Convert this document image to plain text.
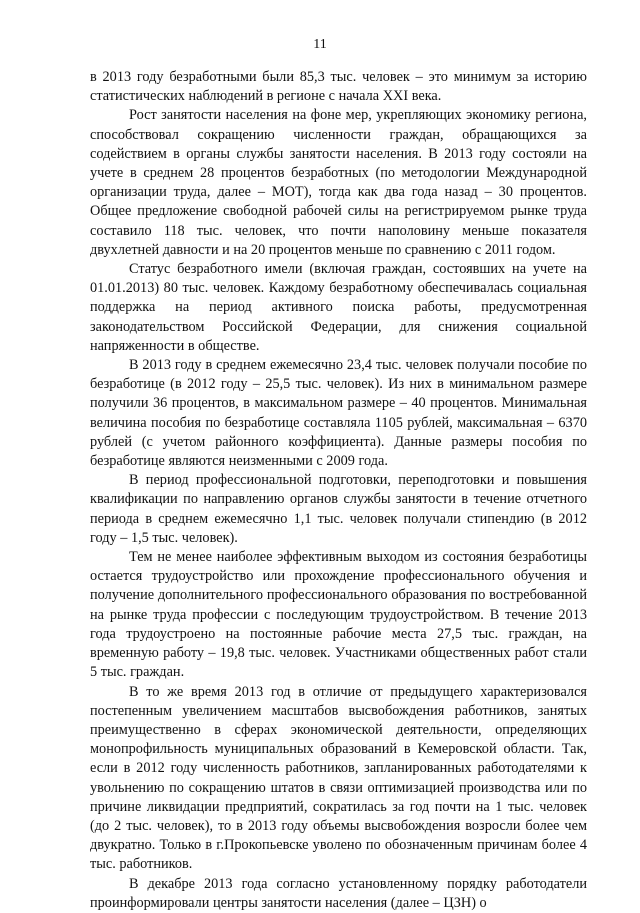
11

в 2013 году безработными были 85,3 тыс. человек – это минимум за историю статистических наблюдений в регионе с начала XXI века.

Рост занятости населения на фоне мер, укрепляющих экономику региона, способствовал сокращению численности граждан, обращающихся за содействием в органы службы занятости населения. В 2013 году состояли на учете в среднем 28 процентов безработных (по методологии Международной организации труда, далее – МОТ), тогда как два года назад – 30 процентов. Общее предложение свободной рабочей силы на регистрируемом рынке труда составило 118 тыс. человек, что почти наполовину меньше показателя двухлетней давности и на 20 процентов меньше по сравнению с 2011 годом.

Статус безработного имели (включая граждан, состоявших на учете на 01.01.2013) 80 тыс. человек. Каждому безработному обеспечивалась социальная поддержка на период активного поиска работы, предусмотренная законодательством Российской Федерации, для снижения социальной напряженности в обществе.

В 2013 году в среднем ежемесячно 23,4 тыс. человек получали пособие по безработице (в 2012 году – 25,5 тыс. человек). Из них в минимальном размере получили 36 процентов, в максимальном размере – 40 процентов. Минимальная величина пособия по безработице составляла 1105 рублей, максимальная – 6370 рублей (с учетом районного коэффициента). Данные размеры пособия по безработице являются неизменными с 2009 года.

В период профессиональной подготовки, переподготовки и повышения квалификации по направлению органов службы занятости в течение отчетного периода в среднем ежемесячно 1,1 тыс. человек получали стипендию (в 2012 году – 1,5 тыс. человек).

Тем не менее наиболее эффективным выходом из состояния безработицы остается трудоустройство или прохождение профессионального обучения и получение дополнительного профессионального образования по востребованной на рынке труда профессии с последующим трудоустройством. В течение 2013 года трудоустроено на постоянные рабочие места 27,5 тыс. граждан, на временную работу – 19,8 тыс. человек. Участниками общественных работ стали 5 тыс. граждан.

В то же время 2013 год в отличие от предыдущего характеризовался постепенным увеличением масштабов высвобождения работников, занятых преимущественно в сферах экономической деятельности, определяющих монопрофильность муниципальных образований в Кемеровской области. Так, если в 2012 году численность работников, запланированных работодателями к увольнению по сокращению штатов в связи оптимизацией производства или по причине ликвидации предприятий, сократилась за год почти на 1 тыс. человек (до 2 тыс. человек), то в 2013 году объемы высвобождения возросли более чем двукратно. Только в г.Прокопьевске уволено по обозначенным причинам более 4 тыс. работников.

В декабре 2013 года согласно установленному порядку работодатели проинформировали центры занятости населения (далее – ЦЗН) о
